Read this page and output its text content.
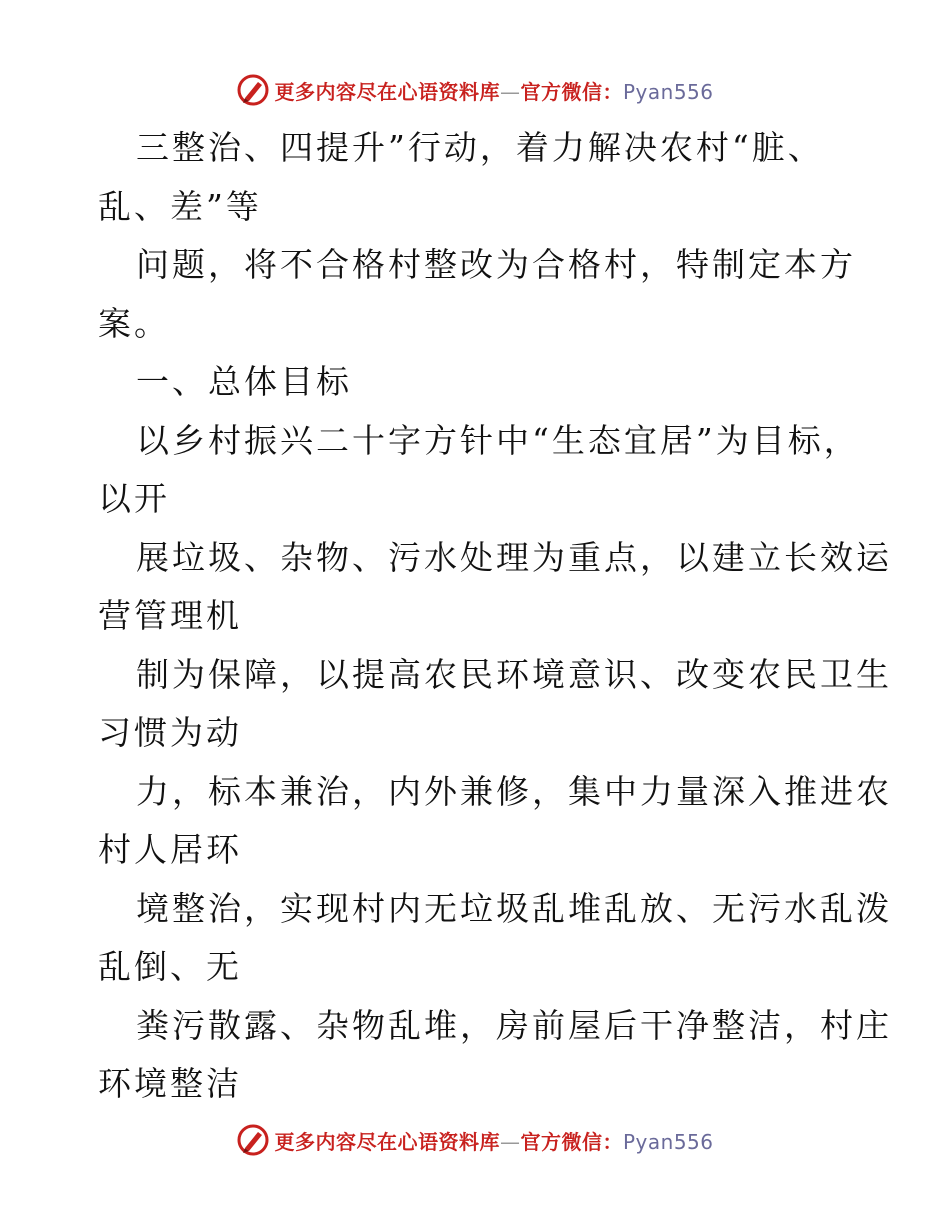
更多内容尽在心语资料库—官方微信：Pyan556
三整治、四提升”行动，着力解决农村“脏、
乱、差”等
问题，将不合格村整改为合格村，特制定本方
案。
一、总体目标
以乡村振兴二十字方针中“生态宜居”为目标，
以开
展垃圾、杂物、污水处理为重点，以建立长效运
营管理机
制为保障，以提高农民环境意识、改变农民卫生
习惯为动
力，标本兼治，内外兼修，集中力量深入推进农
村人居环
境整治，实现村内无垃圾乱堆乱放、无污水乱泼
乱倒、无
粪污散露、杂物乱堆，房前屋后干净整洁，村庄
环境整洁
更多内容尽在心语资料库—官方微信：Pyan556
